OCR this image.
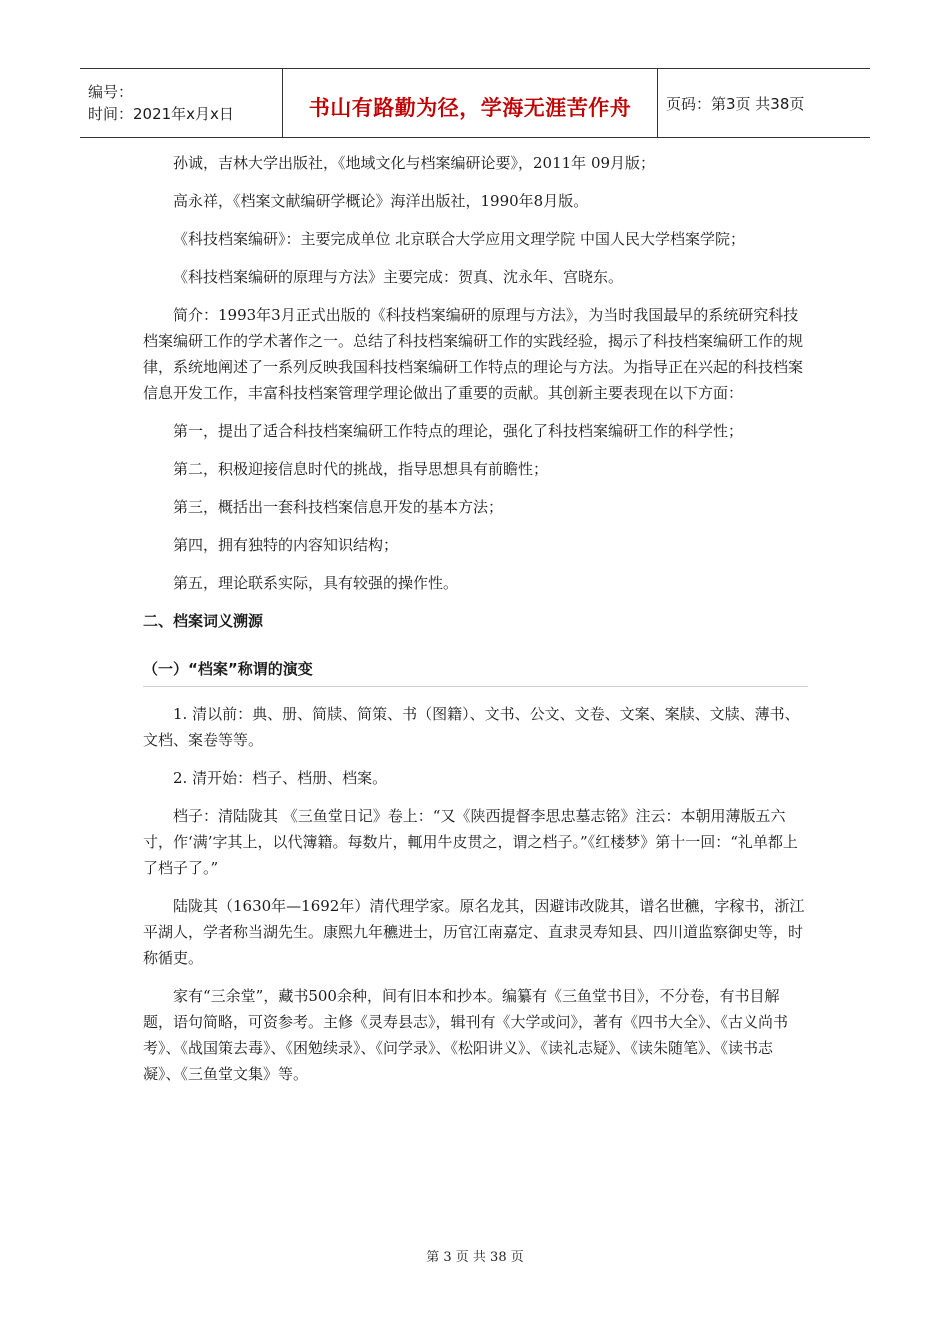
编号：
时间：2021年x月x日	书山有路勤为径，学海无涯苦作舟 页码：第3页 共38页

孙诚，吉林大学出版社，《地域文化与档案编研论要》，2011年 09月版；

高永祥，《档案文献编研学概论》海洋出版社，1990年8月版。

《科技档案编研》：主要完成单位 北京联合大学应用文理学院 中国人民大学档案学院；

《科技档案编研的原理与方法》主要完成：贺真、沈永年、宫晓东。

简介：1993年3月正式出版的《科技档案编研的原理与方法》，为当时我国最早的系统研究科技档案编研工作的学术著作之一。总结了科技档案编研工作的实践经验，揭示了科技档案编研工作的规律，系统地阐述了一系列反映我国科技档案编研工作特点的理论与方法。为指导正在兴起的科技档案信息开发工作，丰富科技档案管理学理论做出了重要的贡献。其创新主要表现在以下方面：

第一，提出了适合科技档案编研工作特点的理论，强化了科技档案编研工作的科学性；

第二，积极迎接信息时代的挑战，指导思想具有前瞻性；

第三，概括出一套科技档案信息开发的基本方法；

第四，拥有独特的内容知识结构；

第五，理论联系实际，具有较强的操作性。

二、档案词义溯源

（一）“档案”称谓的演变

1. 清以前：典、册、简牍、简策、书（图籍）、文书、公文、文卷、文案、案牍、文牍、薄书、文档、案卷等等。

2. 清开始：档子、档册、档案。

档子：清陆陇其 《三鱼堂日记》卷上：“又《陕西提督李思忠墓志铭》注云：本朝用薄版五六寸，作‘满’字其上，以代簿籍。每数片，輒用牛皮贯之，谓之档子。”《红楼梦》第十一回：“礼单都上了档子了。”

陆陇其（1630年—1692年）清代理学家。原名龙其，因避讳改陇其，谱名世穮，字稼书，浙江平湖人，学者称当湖先生。康熙九年穮进士，历官江南嘉定、直隶灵寿知县、四川道监察御史等，时称循吏。

家有“三余堂”，藏书500余种，间有旧本和抄本。编纂有《三鱼堂书目》，不分卷，有书目解题，语句简略，可资参考。主修《灵寿县志》，辑刊有《大学或问》，著有《四书大全》、《古义尚书考》、《战国策去毒》、《困勉续录》、《问学录》、《松阳讲义》、《读礼志疑》、《读朱随笔》、《读书志凝》、《三鱼堂文集》等。

第 3 页 共 38 页
